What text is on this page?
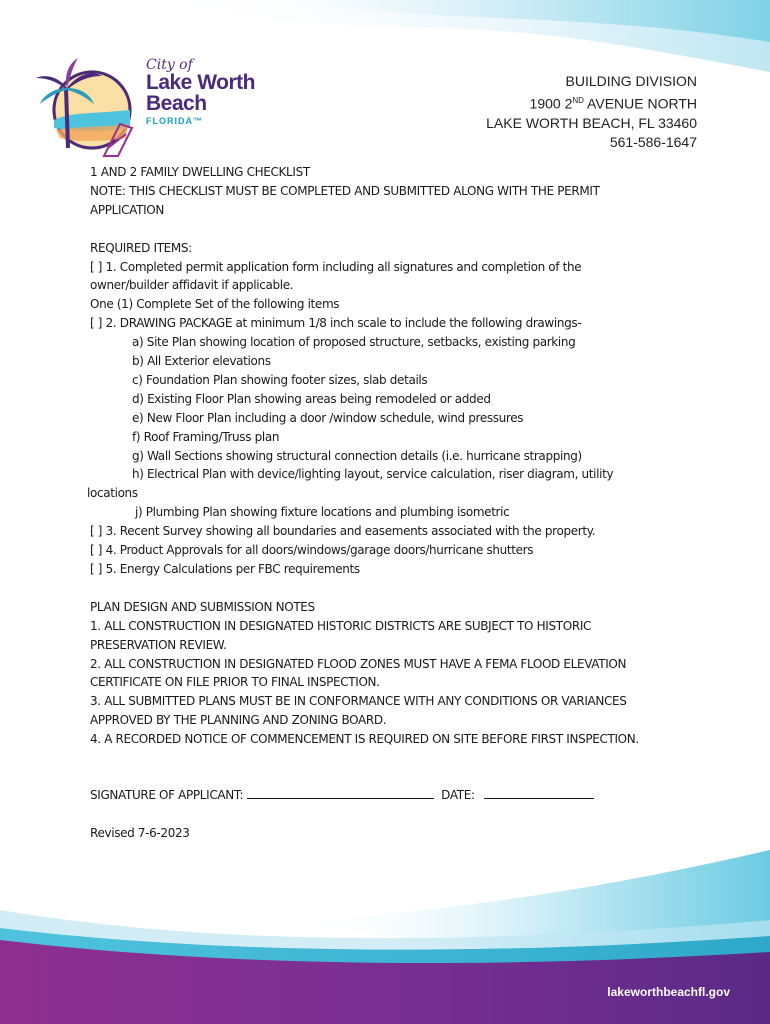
City of
Lake Worth
Beach
FLORIDA™
BUILDING DIVISION
1900 2ND AVENUE NORTH
LAKE WORTH BEACH, FL 33460
561-586-1647
1 AND 2 FAMILY DWELLING CHECKLIST
NOTE: THIS CHECKLIST MUST BE COMPLETED AND SUBMITTED ALONG WITH THE PERMIT
APPLICATION
REQUIRED ITEMS:
[ ] 1. Completed permit application form including all signatures and completion of the
owner/builder affidavit if applicable.
One (1) Complete Set of the following items
[ ] 2. DRAWING PACKAGE at minimum 1/8 inch scale to include the following drawings-
a) Site Plan showing location of proposed structure, setbacks, existing parking
b) All Exterior elevations
c) Foundation Plan showing footer sizes, slab details
d) Existing Floor Plan showing areas being remodeled or added
e) New Floor Plan including a door /window schedule, wind pressures
f) Roof Framing/Truss plan
g) Wall Sections showing structural connection details (i.e. hurricane strapping)
h) Electrical Plan with device/lighting layout, service calculation, riser diagram, utility
locations
j) Plumbing Plan showing fixture locations and plumbing isometric
[ ] 3. Recent Survey showing all boundaries and easements associated with the property.
[ ] 4. Product Approvals for all doors/windows/garage doors/hurricane shutters
[ ] 5. Energy Calculations per FBC requirements
PLAN DESIGN AND SUBMISSION NOTES
1. ALL CONSTRUCTION IN DESIGNATED HISTORIC DISTRICTS ARE SUBJECT TO HISTORIC
PRESERVATION REVIEW.
2. ALL CONSTRUCTION IN DESIGNATED FLOOD ZONES MUST HAVE A FEMA FLOOD ELEVATION
CERTIFICATE ON FILE PRIOR TO FINAL INSPECTION.
3. ALL SUBMITTED PLANS MUST BE IN CONFORMANCE WITH ANY CONDITIONS OR VARIANCES
APPROVED BY THE PLANNING AND ZONING BOARD.
4. A RECORDED NOTICE OF COMMENCEMENT IS REQUIRED ON SITE BEFORE FIRST INSPECTION.
SIGNATURE OF APPLICANT:	DATE:
Revised 7-6-2023
lakeworthbeachfl.gov
